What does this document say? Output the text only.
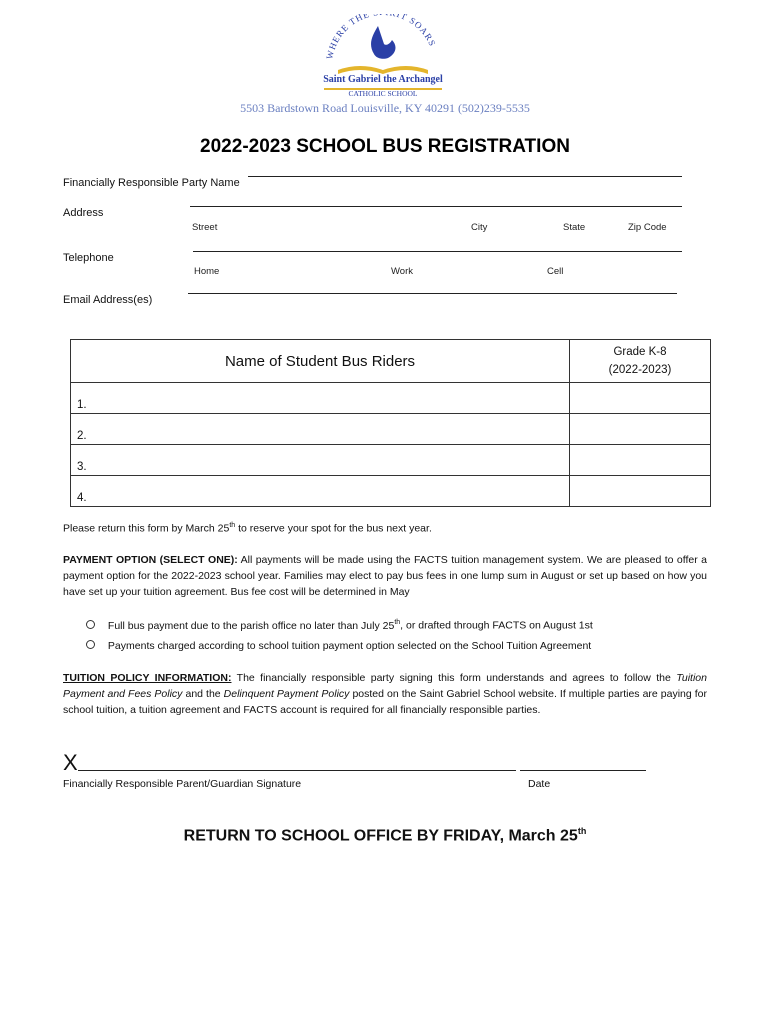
WHERE THE IT SOARS
Saint Gabriel the Archangel
CATHOLIC SCHOOL
5503 Bardstown Road Louisville, KY 40291 (502)239-5535
2022-2023 SCHOOL BUS REGISTRATION
Financially Responsible Party Name
Address
Street	City	State	Zip Code
Telephone
Home	Work	Cell
Email Address(es)
Name of Student Bus Riders	Grade K-8
(2022-2023)

1.	
2.	
3.	
4.	
Please return this form by March 25th to reserve your spot for the bus next year.
PAYMENT OPTION (SELECT ONE): All payments will be made using the FACTS tuition management system. We are pleased to offer a payment option for the 2022-2023 school year. Families may elect to pay bus fees in one lump sum in August or set up based on how you have set up your tuition agreement. Bus fee cost will be determined in May
Full bus payment due to the parish office no later than July 25th, or drafted through FACTS on August 1st
Payments charged according to school tuition payment option selected on the School Tuition Agreement
TUITION POLICY INFORMATION: The financially responsible party signing this form understands and agrees to follow the Tuition Payment and Fees Policy and the Delinquent Payment Policy posted on the Saint Gabriel School website. If multiple parties are paying for school tuition, a tuition agreement and FACTS account is required for all financially responsible parties.
X
Financially Responsible Parent/Guardian Signature	Date
RETURN TO SCHOOL OFFICE BY FRIDAY, March 25th
